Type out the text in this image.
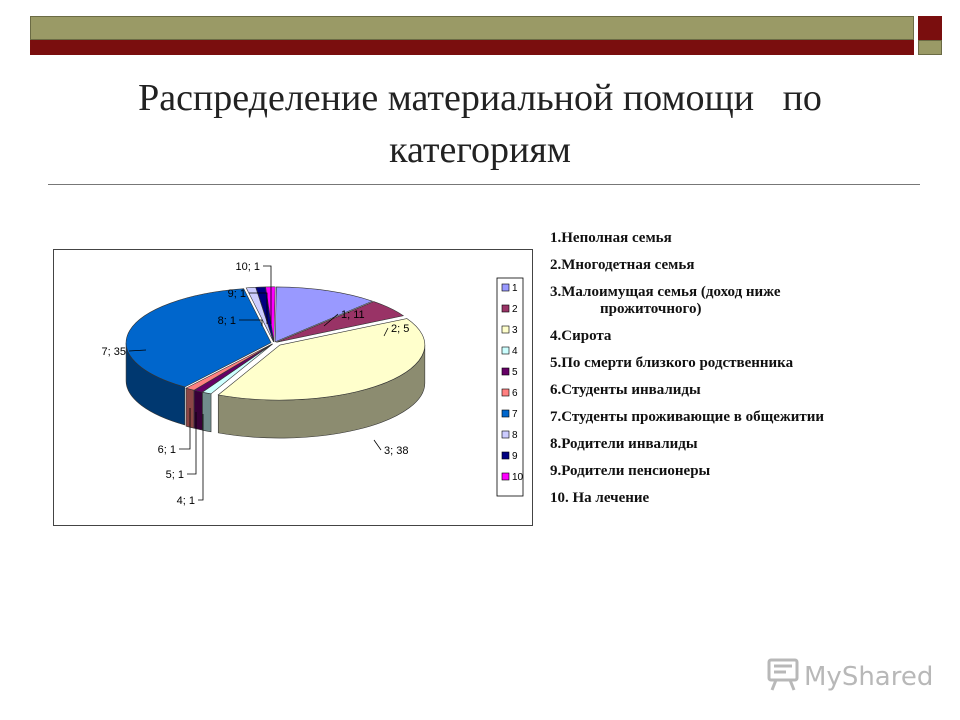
Распределение материальной помощи   по
категориям
1; 11
2; 5
3; 38
4; 1
5; 1
6; 1
7; 35
8; 1
9; 1
10; 1
1
2
3
4
5
6
7
8
9
10
1.Неполная семья
2.Многодетная семья
3.Малоимущая семья (доход ниже
прожиточного)
4.Сирота
5.По смерти близкого родственника
6.Студенты инвалиды
7.Студенты проживающие в общежитии
8.Родители инвалиды
9.Родители пенсионеры
10. На лечение
MyShared
